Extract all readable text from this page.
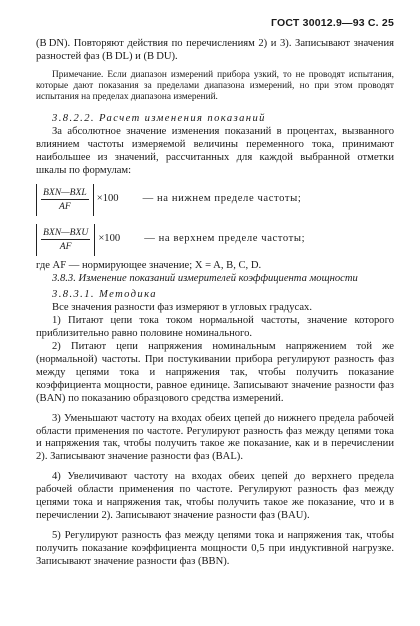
ГОСТ 30012.9—93 С. 25

(B DN). Повторяют действия по перечислениям 2) и 3). Записывают значения разностей фаз (B DL) и (B DU).

Примечание. Если диапазон измерений прибора узкий, то не проводят испытания, которые дают показания за пределами диапазона измерений, но при этом проводят испытания на пределах диапазона измерений.

3.8.2.2. Расчет изменения показаний

За абсолютное значение изменения показаний в процентах, вызванного влиянием частоты измеряемой величины переменного тока, принимают наибольшее из значений, рассчитанных для каждой выбранной отметки шкалы по формулам:

$\frac{\text{BXN—BXL}}{AF} \times 100$ — на нижнем пределе частоты;
$\frac{\text{BXN—BXU}}{AF} \times 100$ — на верхнем пределе частоты;

где AF — нормирующее значение; X = A, B, C, D.

3.8.3. Изменение показаний измерителей коэффициента мощности

3.8.3.1. Методика

Все значения разности фаз измеряют в угловых градусах.

1) Питают цепи тока током нормальной частоты, значение которого приблизительно равно половине номинального.

2) Питают цепи напряжения номинальным напряжением той же (нормальной) частоты. При постукивании прибора регулируют разность фаз между цепями тока и напряжения так, чтобы получить показание коэффициента мощности, равное единице. Записывают значение разности фаз (BAN) по показанию образцового средства измерений.

3) Уменьшают частоту на входах обеих цепей до нижнего предела рабочей области применения по частоте. Регулируют разность фаз между цепями тока и напряжения так, чтобы получить такое же показание, как и в перечислении 2). Записывают значение разности фаз (BAL).

4) Увеличивают частоту на входах обеих цепей до верхнего предела рабочей области применения по частоте. Регулируют разность фаз между цепями тока и напряжения так, чтобы получить такое же показание, что и в перечислении 2). Записывают значение разности фаз (BAU).

5) Регулируют разность фаз между цепями тока и напряжения так, чтобы получить показание коэффициента мощности 0,5 при индуктивной нагрузке. Записывают значение разности фаз (BBN).
